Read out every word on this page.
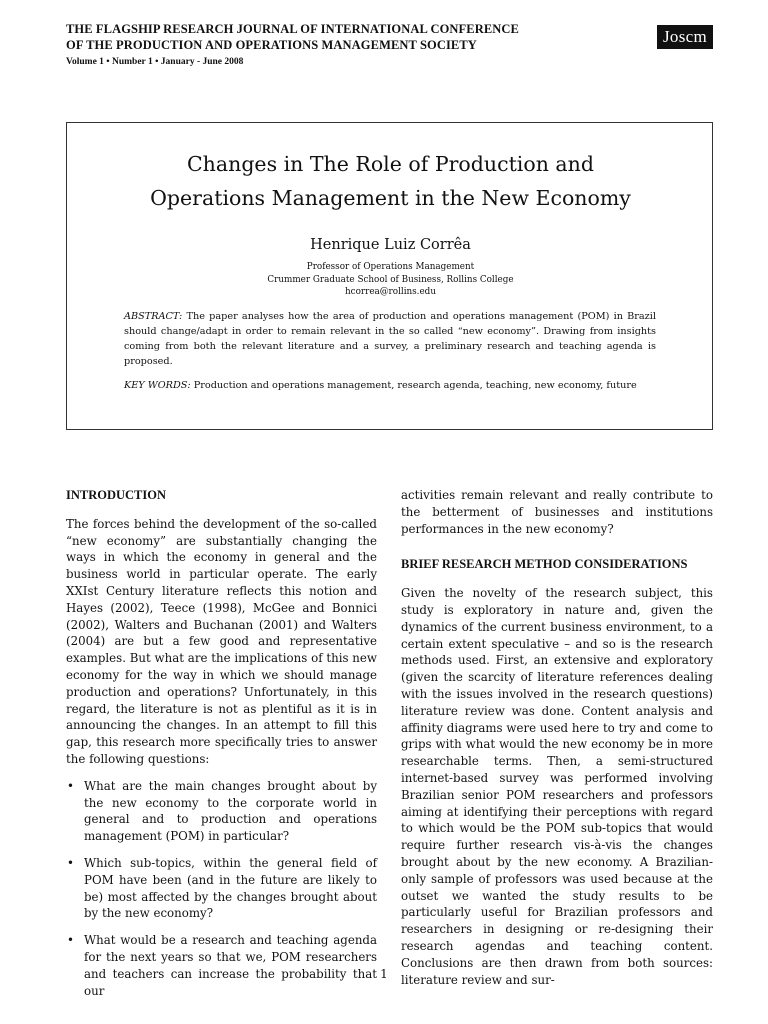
THE FLAGSHIP RESEARCH JOURNAL OF INTERNATIONAL CONFERENCE
OF THE PRODUCTION AND OPERATIONS MANAGEMENT SOCIETY
Volume 1 • Number 1 • January - June 2008
Joscm
Changes in The Role of Production and
Operations Management in the New Economy
Henrique Luiz Corrêa
Professor of Operations Management
Crummer Graduate School of Business, Rollins College
hcorrea@rollins.edu
ABSTRACT: The paper analyses how the area of production and operations management (POM) in Brazil should change/adapt in order to remain relevant in the so called “new economy”. Drawing from insights coming from both the relevant literature and a survey, a preliminary research and teaching agenda is proposed.
KEY WORDS: Production and operations management, research agenda, teaching, new economy, future
INTRODUCTION

The forces behind the development of the so-called “new economy” are substantially changing the ways in which the economy in general and the business world in particular operate. The early XXIst Century literature reflects this notion and Hayes (2002), Teece (1998), McGee and Bonnici (2002), Walters and Buchanan (2001) and Walters (2004) are but a few good and representative examples. But what are the implications of this new economy for the way in which we should manage production and operations? Unfortunately, in this regard, the literature is not as plentiful as it is in announcing the changes. In an attempt to fill this gap, this research more specifically tries to answer the following questions:

• What are the main changes brought about by the new economy to the corporate world in general and to production and operations management (POM) in particular?
• Which sub-topics, within the general field of POM have been (and in the future are likely to be) most affected by the changes brought about by the new economy?
• What would be a research and teaching agenda for the next years so that we, POM researchers and teachers can increase the probability that our

activities remain relevant and really contribute to the betterment of businesses and institutions performances in the new economy?

BRIEF RESEARCH METHOD CONSIDERATIONS

Given the novelty of the research subject, this study is exploratory in nature and, given the dynamics of the current business environment, to a certain extent speculative – and so is the research methods used. First, an extensive and exploratory (given the scarcity of literature references dealing with the issues involved in the research questions) literature review was done. Content analysis and affinity diagrams were used here to try and come to grips with what would the new economy be in more researchable terms. Then, a semi-structured internet-based survey was performed involving Brazilian senior POM researchers and professors aiming at identifying their perceptions with regard to which would be the POM sub-topics that would require further research vis-à-vis the changes brought about by the new economy. A Brazilian-only sample of professors was used because at the outset we wanted the study results to be particularly useful for Brazilian professors and researchers in designing or re-designing their research agendas and teaching content. Conclusions are then drawn from both sources: literature review and sur-

1
